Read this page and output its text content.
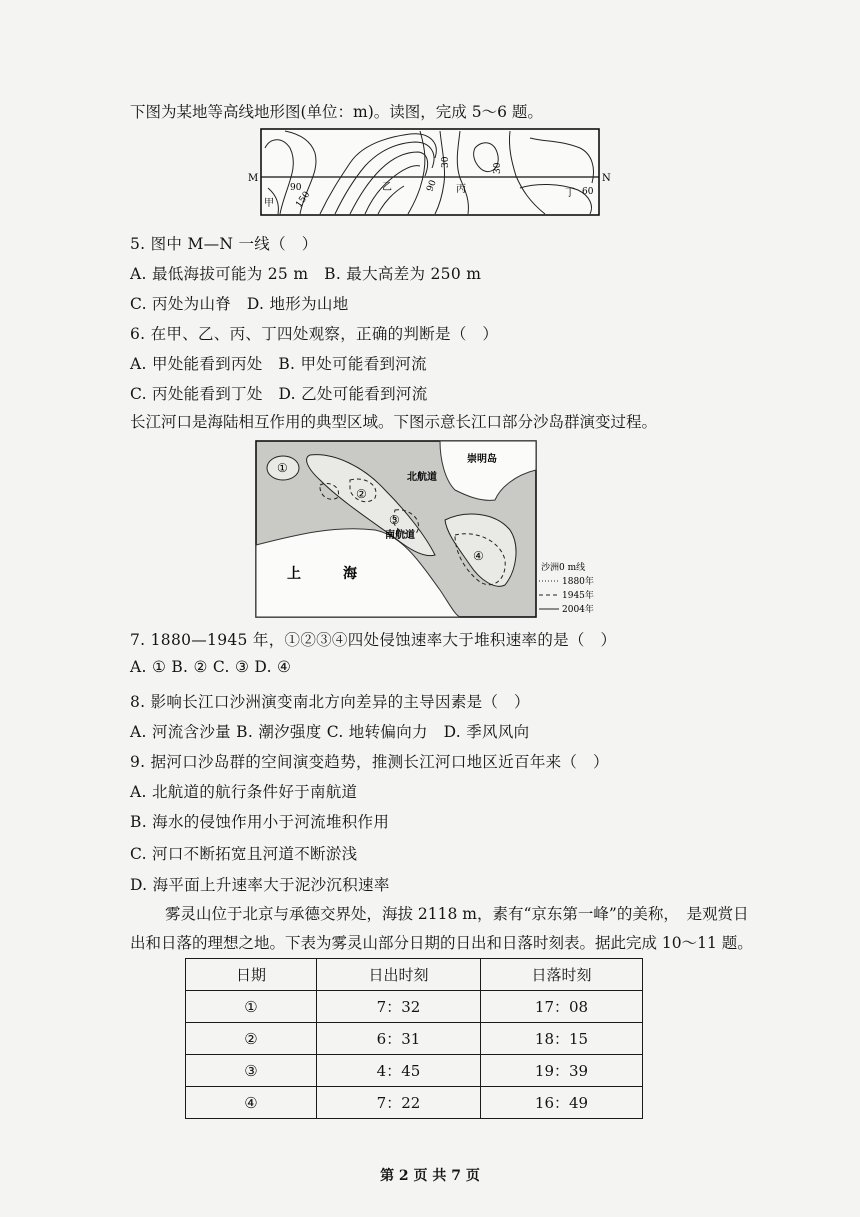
下图为某地等高线地形图(单位：m)。读图，完成 5～6 题。
M	N
甲
乙	丙	丁
90
150
90
30
30
60
5. 图中 M—N 一线（　）
A. 最低海拔可能为 25 m　B. 最大高差为 250 m
C. 丙处为山脊　D. 地形为山地
6. 在甲、乙、丙、丁四处观察，正确的判断是（　）
A. 甲处能看到丙处　B. 甲处可能看到河流
C. 丙处能看到丁处　D. 乙处可能看到河流
长江河口是海陆相互作用的典型区域。下图示意长江口部分沙岛群演变过程。
①
②
③
④
崇明岛
北航道
南航道
上	海	沙洲0 m线
1880年
1945年
2004年
7. 1880—1945 年，①②③④四处侵蚀速率大于堆积速率的是（　）
A. ① B. ② C. ③ D. ④
8. 影响长江口沙洲演变南北方向差异的主导因素是（　）
A. 河流含沙量 B. 潮汐强度 C. 地转偏向力　D. 季风风向
9. 据河口沙岛群的空间演变趋势，推测长江河口地区近百年来（　）
A. 北航道的航行条件好于南航道
B. 海水的侵蚀作用小于河流堆积作用
C. 河口不断拓宽且河道不断淤浅
D. 海平面上升速率大于泥沙沉积速率
雾灵山位于北京与承德交界处，海拔 2118 m，素有“京东第一峰”的美称，　是观赏日
出和日落的理想之地。下表为雾灵山部分日期的日出和日落时刻表。据此完成 10～11 题。
日期	日出时刻	日落时刻
①	7：32	17：08
②	6：31	18：15
③	4：45	19：39
④	7：22	16：49
第 2 页 共 7 页
